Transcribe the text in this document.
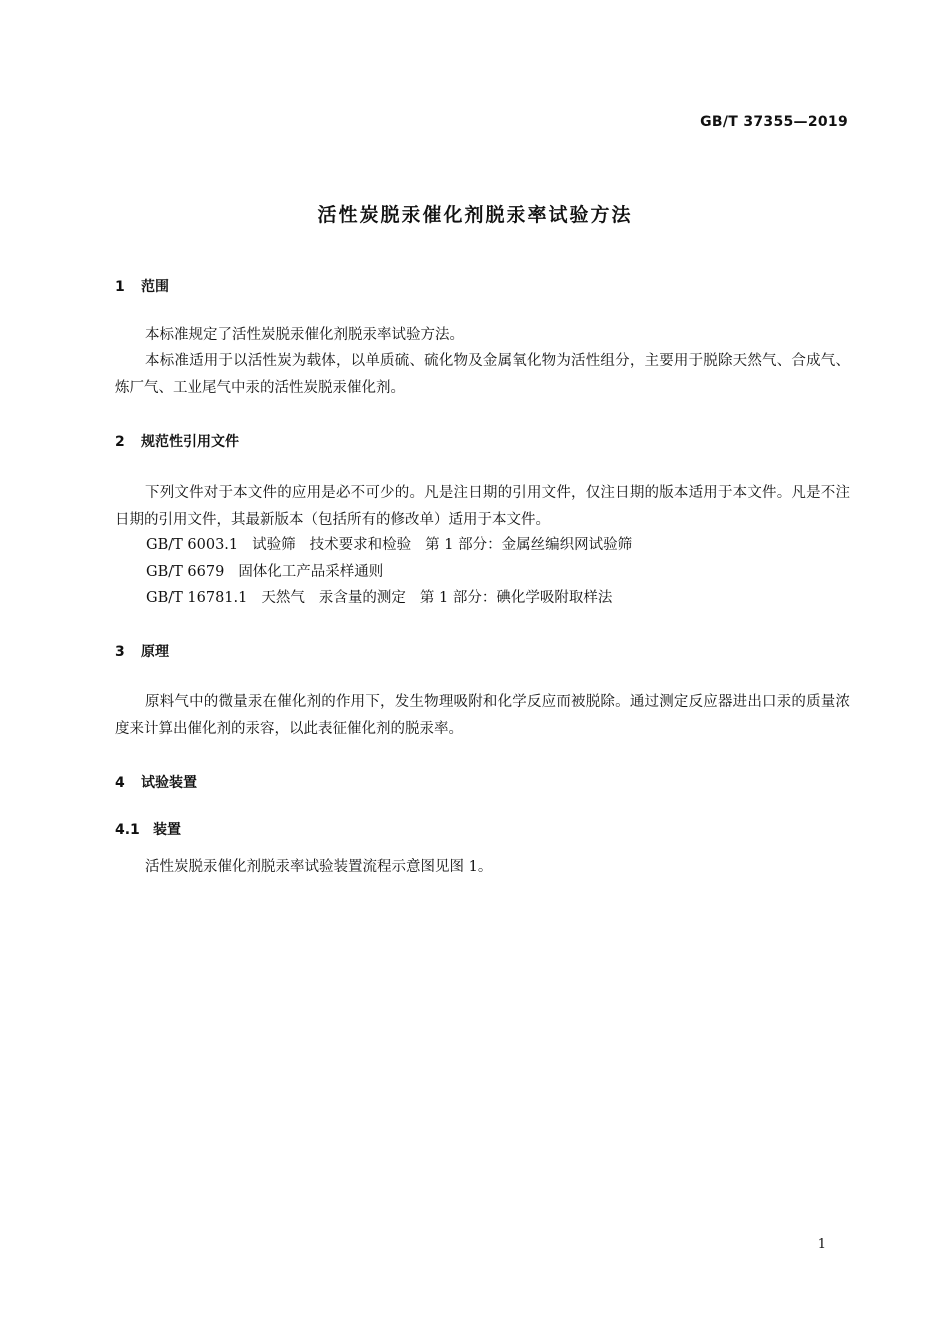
GB/T 37355—2019
活性炭脱汞催化剂脱汞率试验方法
1 范围
本标准规定了活性炭脱汞催化剂脱汞率试验方法。
本标准适用于以活性炭为载体，以单质硫、硫化物及金属氧化物为活性组分，主要用于脱除天然气、合成气、炼厂气、工业尾气中汞的活性炭脱汞催化剂。
2 规范性引用文件
下列文件对于本文件的应用是必不可少的。凡是注日期的引用文件，仅注日期的版本适用于本文件。凡是不注日期的引用文件，其最新版本（包括所有的修改单）适用于本文件。
GB/T 6003.1 试验筛 技术要求和检验 第 1 部分：金属丝编织网试验筛
GB/T 6679 固体化工产品采样通则
GB/T 16781.1 天然气 汞含量的测定 第 1 部分：碘化学吸附取样法
3 原理
原料气中的微量汞在催化剂的作用下，发生物理吸附和化学反应而被脱除。通过测定反应器进出口汞的质量浓度来计算出催化剂的汞容，以此表征催化剂的脱汞率。
4 试验装置
4.1 装置
活性炭脱汞催化剂脱汞率试验装置流程示意图见图 1。
1
